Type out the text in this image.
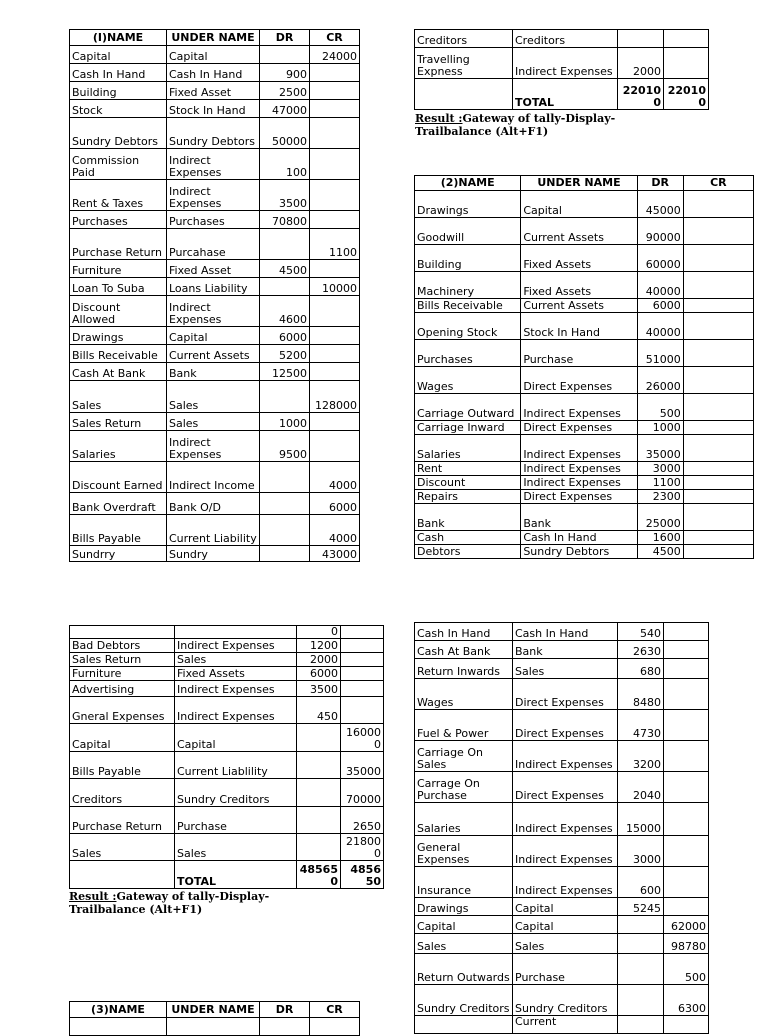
(I)NAME	UNDER NAME	DR	CR
Capital	Capital		24000
Cash In Hand	Cash In Hand	900	
Building	Fixed Asset	2500	
Stock	Stock In Hand	47000	
Sundry Debtors	Sundry Debtors	50000	
Commission Paid	Indirect Expenses	100	
Rent & Taxes	Indirect Expenses	3500	
Purchases	Purchases	70800	
Purchase Return	Purcahase		1100
Furniture	Fixed Asset	4500	
Loan To Suba	Loans Liability		10000
Discount Allowed	Indirect Expenses	4600	
Drawings	Capital	6000	
Bills Receivable	Current Assets	5200	
Cash At Bank	Bank	12500	
Sales	Sales		128000
Sales Return	Sales	1000	
Salaries	Indirect Expenses	9500	
Discount Earned	Indirect Income		4000
Bank Overdraft	Bank O/D		6000
Bills Payable	Current Liability		4000
Sundrry	Sundry		43000
Creditors	Creditors		
Travelling Expness	Indirect Expenses	2000	
	TOTAL	220100	220100
Result :Gateway of tally-Display-Trailbalance (Alt+F1)
(2)NAME	UNDER NAME	DR	CR
Drawings	Capital	45000	
Goodwill	Current Assets	90000	
Building	Fixed Assets	60000	
Machinery	Fixed Assets	40000	
Bills Receivable	Current Assets	6000	
Opening Stock	Stock In Hand	40000	
Purchases	Purchase	51000	
Wages	Direct Expenses	26000	
Carriage Outward	Indirect Expenses	500	
Carriage Inward	Direct Expenses	1000	
Salaries	Indirect Expenses	35000	
Rent	Indirect Expenses	3000	
Discount	Indirect Expenses	1100	
Repairs	Direct Expenses	2300	
Bank	Bank	25000	
Cash	Cash In Hand	1600	
Debtors	Sundry Debtors	4500	
		0	
Bad Debtors	Indirect Expenses	1200	
Sales Return	Sales	2000	
Furniture	Fixed Assets	6000	
Advertising	Indirect Expenses	3500	
Gneral Expenses	Indirect Expenses	450	
Capital	Capital		160000
Bills Payable	Current Liablility		35000
Creditors	Sundry Creditors		70000
Purchase Return	Purchase		2650
Sales	Sales		218000
	TOTAL	485650	485650
Result :Gateway of tally-Display-Trailbalance (Alt+F1)
Cash In Hand	Cash In Hand	540	
Cash At Bank	Bank	2630	
Return Inwards	Sales	680	
Wages	Direct Expenses	8480	
Fuel & Power	Direct Expenses	4730	
Carriage On Sales	Indirect Expenses	3200	
Carrage On Purchase	Direct Expenses	2040	
Salaries	Indirect Expenses	15000	
General Expenses	Indirect Expenses	3000	
Insurance	Indirect Expenses	600	
Drawings	Capital	5245	
Capital	Capital		62000
Sales	Sales		98780
Return Outwards	Purchase		500
Sundry Creditors	Sundry Creditors		6300
	Current		
(3)NAME	UNDER NAME	DR	CR
